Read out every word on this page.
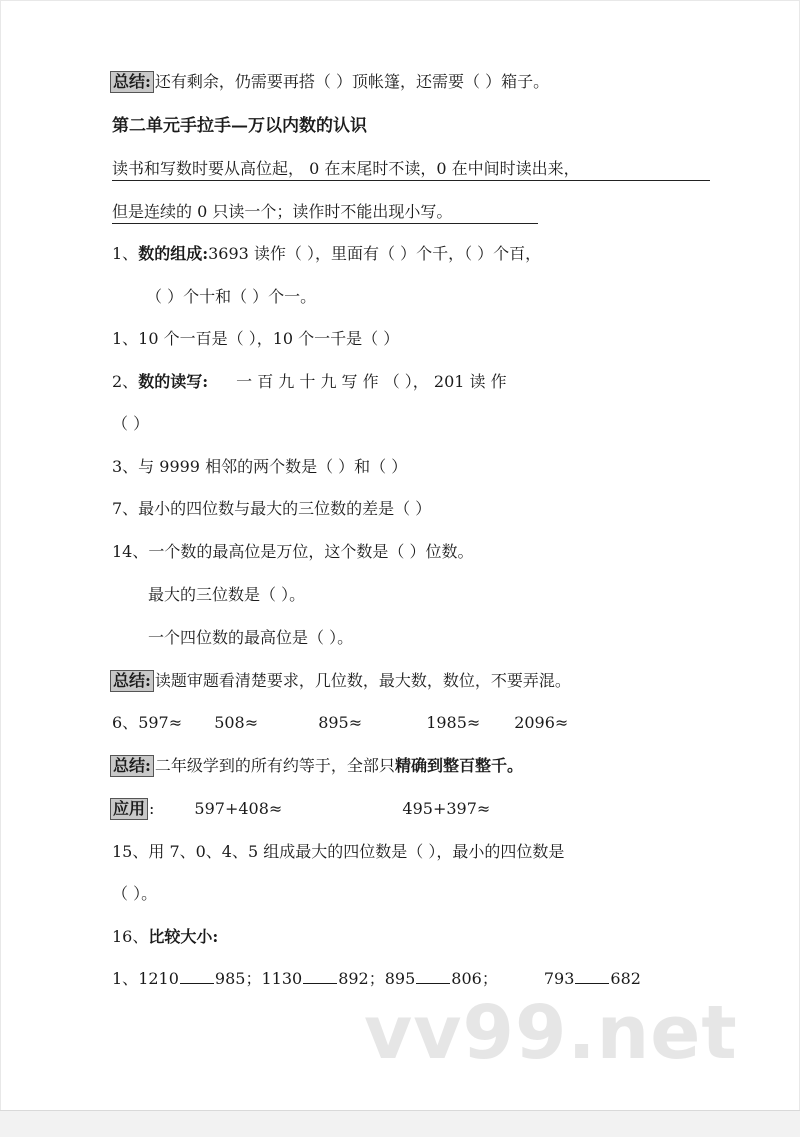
总结: 还有剩余，仍需要再搭（ ）顶帐篷，还需要（ ）箱子。
第二单元手拉手—万以内数的认识
读书和写数时要从高位起， 0 在末尾时不读，0 在中间时读出来，
但是连续的 0 只读一个；读作时不能出现小写。
1、数的组成:3693 读作（ ），里面有（ ）个千，（ ）个百，
（ ）个十和（ ）个一。
1、10 个一百是（ ），10 个一千是（ ）
2、数的读写: 一 百 九 十 九 写 作 （ ）， 201 读 作
（ ）
3、与 9999 相邻的两个数是（ ）和（ ）
7、最小的四位数与最大的三位数的差是（ ）
14、一个数的最高位是万位，这个数是（ ）位数。
最大的三位数是（ ）。
一个四位数的最高位是（ ）。
总结: 读题审题看清楚要求，几位数，最大数，数位，不要弄混。
6、597≈ 508≈	895≈	1985≈ 2096≈
总结: 二年级学到的所有约等于，全部只精确到整百整千。
应用 :	597+408≈	495+397≈
15、用 7、0、4、5 组成最大的四位数是（ ），最小的四位数是
（ ）。
16、比较大小:
1、1210 985；1130 892；895 806；	793 682
vv99.net
